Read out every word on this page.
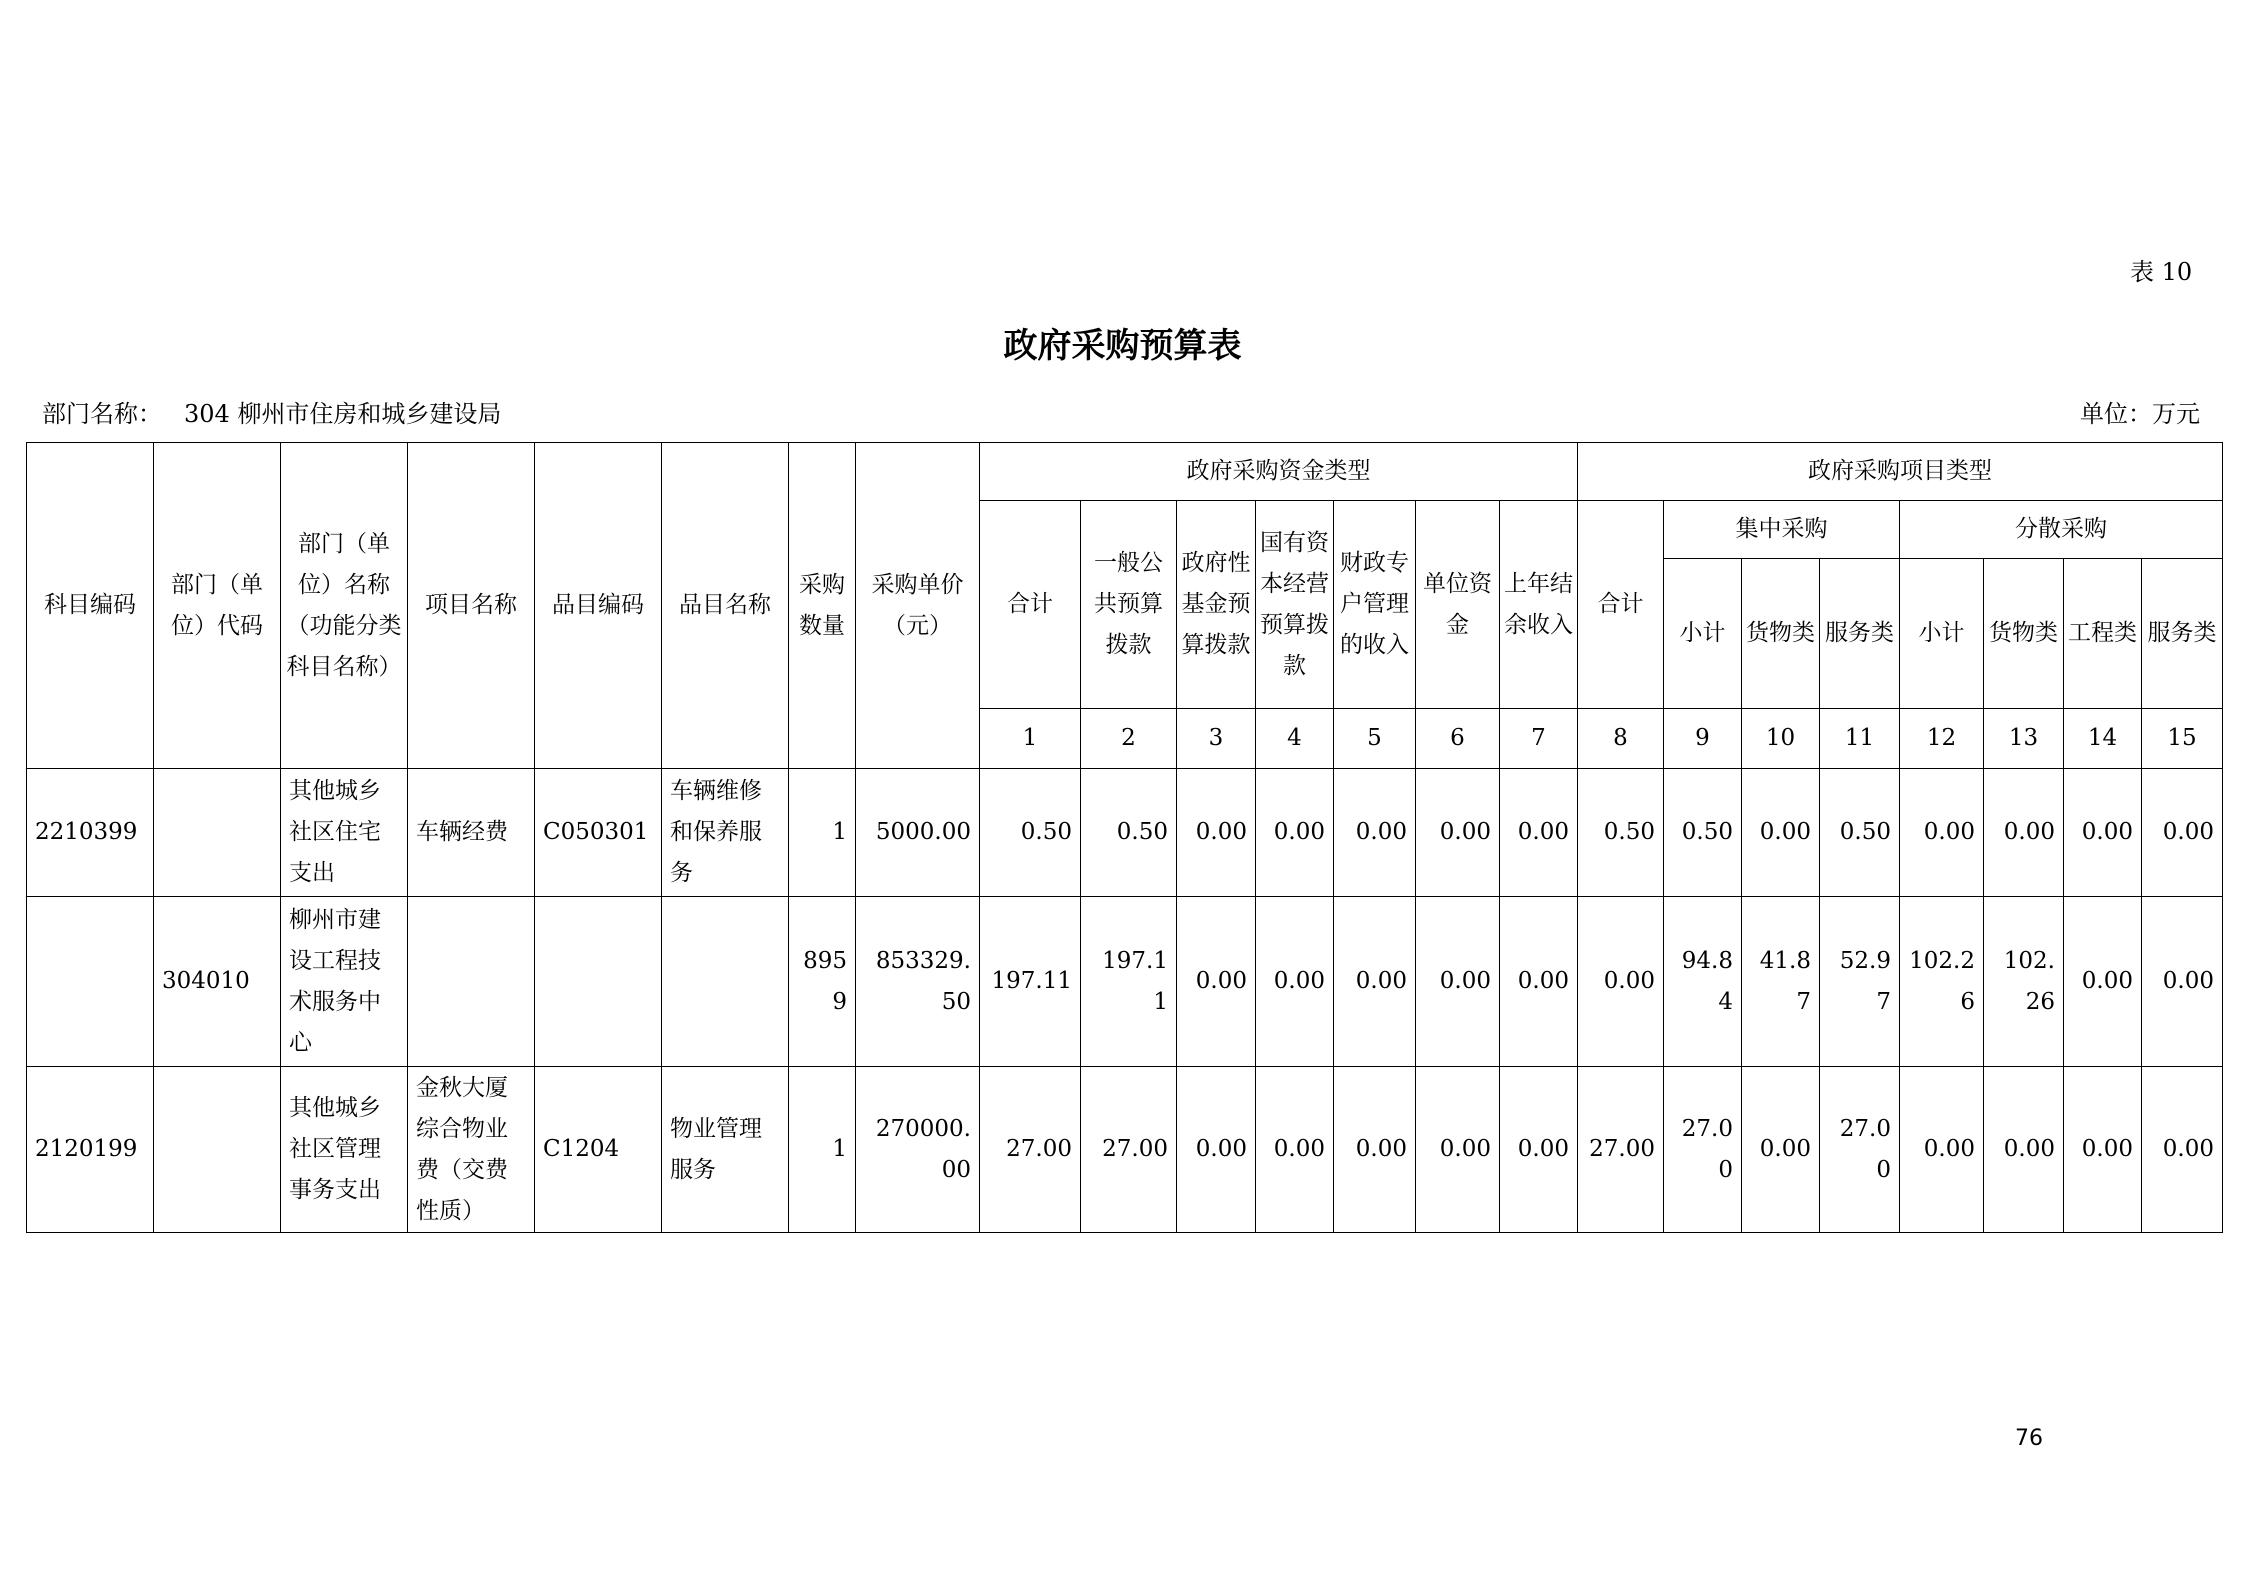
表 10
政府采购预算表
部门名称： 304 柳州市住房和城乡建设局	单位：万元
科目编码	部门（单位）代码	部门（单位）名称（功能分类科目名称）	项目名称	品目编码	品目名称	采购数量	采购单价（元）	政府采购资金类型							政府采购项目类型							
								合计	一般公共预算拨款	政府性基金预算拨款	国有资本经营预算拨款	财政专户管理的收入	单位资金	上年结余收入	合计	集中采购			分散采购			
																小计	货物类	服务类	小计	货物类	工程类	服务类
								1	2	3	4	5	6	7	8	9	10	11	12	13	14	15
2210399		其他城乡社区住宅支出	车辆经费	C050301	车辆维修和保养服务	1	5000.00	0.50	0.50	0.00	0.00	0.00	0.00	0.00	0.50	0.50	0.00	0.50	0.00	0.00	0.00	0.00
	304010	柳州市建设工程技术服务中心				8959	853329.50	197.11	197.11	0.00	0.00	0.00	0.00	0.00	0.00	94.84	41.87	52.97	102.26	102.26	0.00	0.00
2120199		其他城乡社区管理事务支出	金秋大厦综合物业费（交费性质）	C1204	物业管理服务	1	270000.00	27.00	27.00	0.00	0.00	0.00	0.00	0.00	27.00	27.00	0.00	27.00	0.00	0.00	0.00	0.00
76
